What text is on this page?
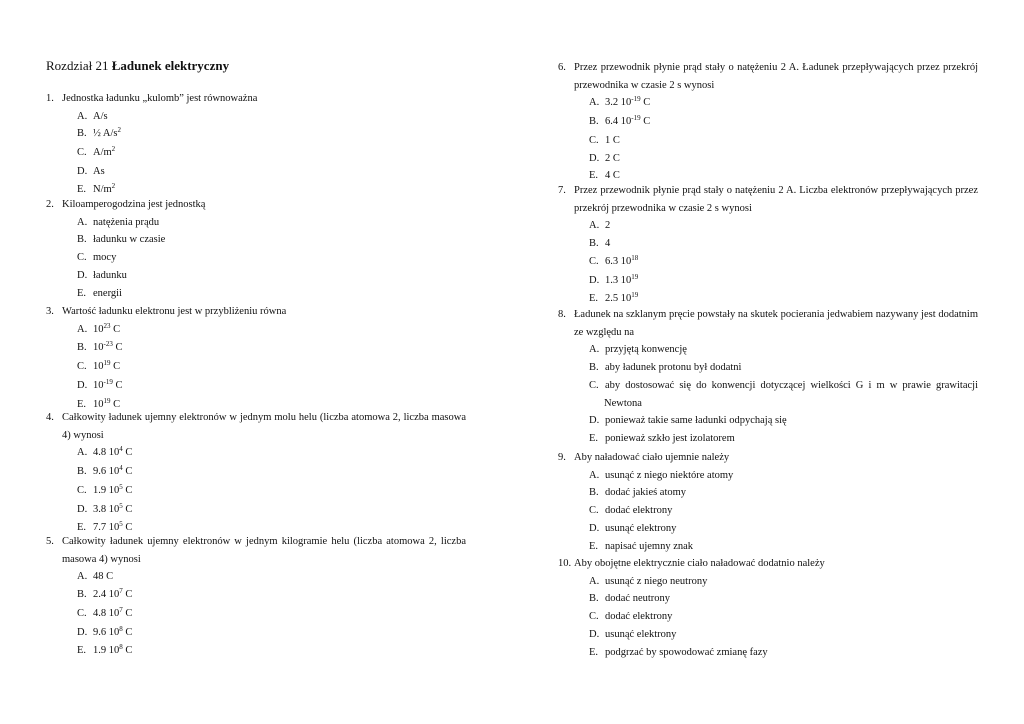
Rozdział 21 Ładunek elektryczny
1. Jednostka ładunku „kulomb” jest równoważna
A. A/s
B. ½ $A/s^2$
C. $A/m^2$
D. As
E. $N/m^2$
2. Kiloamperogodzina jest jednostką
A. natężenia prądu
B. ładunku w czasie
C. mocy
D. ładunku
E. energii
3. Wartość ładunku elektronu jest w przybliżeniu równa
A. $10^{23}$ C
B. $10^{-23}$ C
C. $10^{19}$ C
D. $10^{-19}$ C
E. $10^{19}$ C
4. Całkowity ładunek ujemny elektronów w jednym molu helu (liczba atomowa 2, liczba masowa
4) wynosi
A. 4.8 $10^4$ C
B. 9.6 $10^4$ C
C. 1.9 $10^5$ C
D. 3.8 $10^5$ C
E. 7.7 $10^5$ C
5. Całkowity ładunek ujemny elektronów w jednym kilogramie helu (liczba atomowa 2, liczba
masowa 4) wynosi
A. 48 C
B. 2.4 $10^7$ C
C. 4.8 $10^7$ C
D. 9.6 $10^8$ C
E. 1.9 $10^8$ C
6. Przez przewodnik płynie prąd stały o natężeniu 2 A. Ładunek przepływających przez przekrój
przewodnika w czasie 2 s wynosi
A. 3.2 $10^{-19}$ C
B. 6.4 $10^{-19}$ C
C. 1 C
D. 2 C
E. 4 C
7. Przez przewodnik płynie prąd stały o natężeniu 2 A. Liczba elektronów przepływających przez
przekrój przewodnika w czasie 2 s wynosi
A. 2
B. 4
C. 6.3 $10^{18}$
D. 1.3 $10^{19}$
E. 2.5 $10^{19}$
8. Ładunek na szklanym pręcie powstały na skutek pocierania jedwabiem nazywany jest dodatnim
ze względu na
A. przyjętą konwencję
B. aby ładunek protonu był dodatni
C. aby dostosować się do konwencji dotyczącej wielkości G i m w prawie grawitacji
Newtona
D. ponieważ takie same ładunki odpychają się
E. ponieważ szkło jest izolatorem
9. Aby naładować ciało ujemnie należy
A. usunąć z niego niektóre atomy
B. dodać jakieś atomy
C. dodać elektrony
D. usunąć elektrony
E. napisać ujemny znak
10. Aby obojętne elektrycznie ciało naładować dodatnio należy
A. usunąć z niego neutrony
B. dodać neutrony
C. dodać elektrony
D. usunąć elektrony
E. podgrzać by spowodować zmianę fazy
